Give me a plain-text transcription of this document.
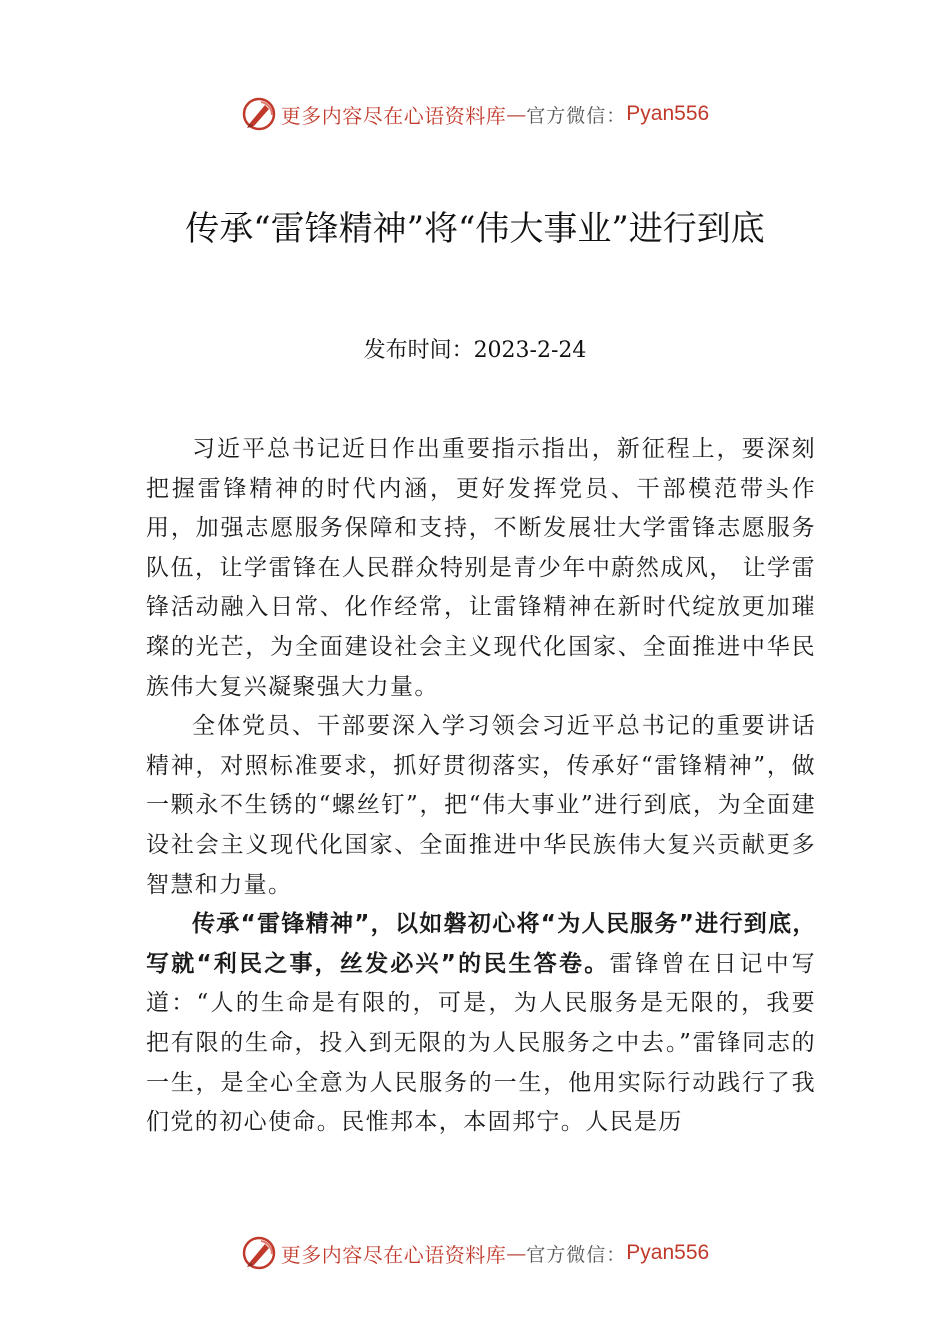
更多内容尽在心语资料库 — 官方微信： Pyan556
传承“雷锋精神”将“伟大事业”进行到底
发布时间：2023-2-24

习近平总书记近日作出重要指示指出，新征程上，要深刻把握雷锋精神的时代内涵，更好发挥党员、干部模范带头作用，加强志愿服务保障和支持，不断发展壮大学雷锋志愿服务队伍，让学雷锋在人民群众特别是青少年中蔚然成风， 让学雷锋活动融入日常、化作经常，让雷锋精神在新时代绽放更加璀璨的光芒，为全面建设社会主义现代化国家、全面推进中华民族伟大复兴凝聚强大力量。

全体党员、干部要深入学习领会习近平总书记的重要讲话精神，对照标准要求，抓好贯彻落实，传承好“雷锋精神”，做一颗永不生锈的“螺丝钉”，把“伟大事业”进行到底，为全面建设社会主义现代化国家、全面推进中华民族伟大复兴贡献更多智慧和力量。

传承“雷锋精神”，以如磐初心将“为人民服务”进行到底，写就“利民之事，丝发必兴”的民生答卷。雷锋曾在日记中写道：“人的生命是有限的，可是，为人民服务是无限的，我要把有限的生命，投入到无限的为人民服务之中去。”雷锋同志的一生，是全心全意为人民服务的一生，他用实际行动践行了我们党的初心使命。民惟邦本，本固邦宁。人民是历

更多内容尽在心语资料库 — 官方微信： Pyan556
